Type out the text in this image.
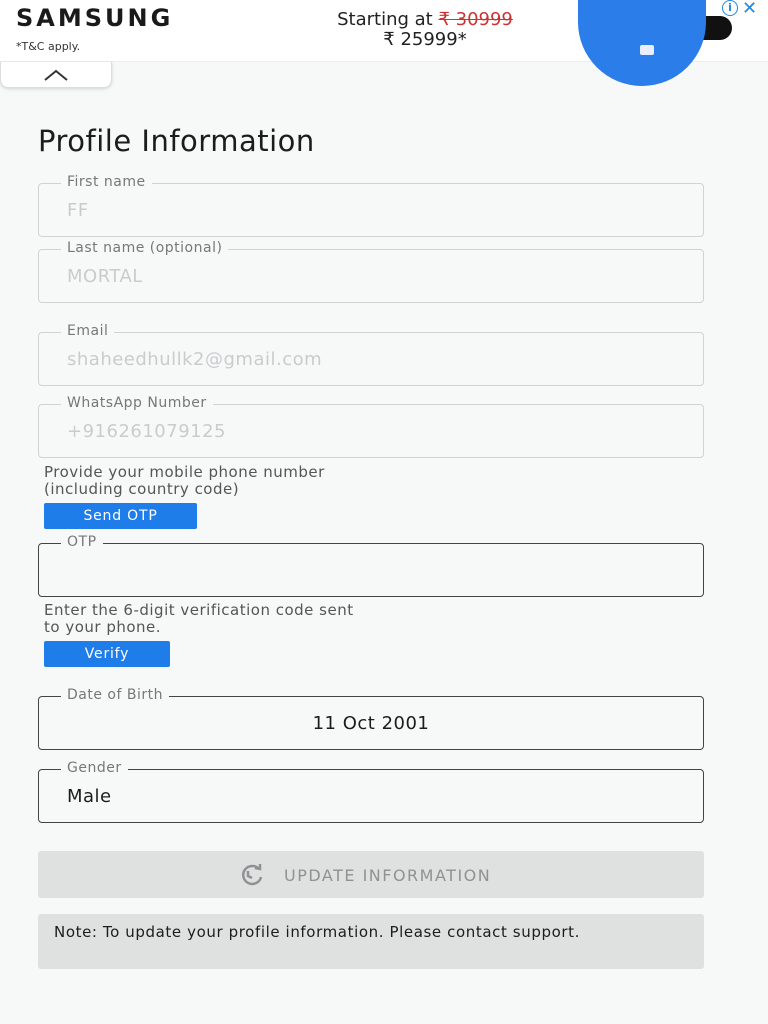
SAMSUNG
*T&C apply.
Starting at ₹ 30999
₹ 25999*
i ✕
Profile Information
First name
FF
Last name (optional)
MORTAL
Email
shaheedhullk2@gmail.com
WhatsApp Number
+916261079125
Provide your mobile phone number
(including country code)
Send OTP
OTP
Enter the 6-digit verification code sent
to your phone.
Verify
Date of Birth
11 Oct 2001
Gender
Male
UPDATE INFORMATION
Note: To update your profile information. Please contact support.
